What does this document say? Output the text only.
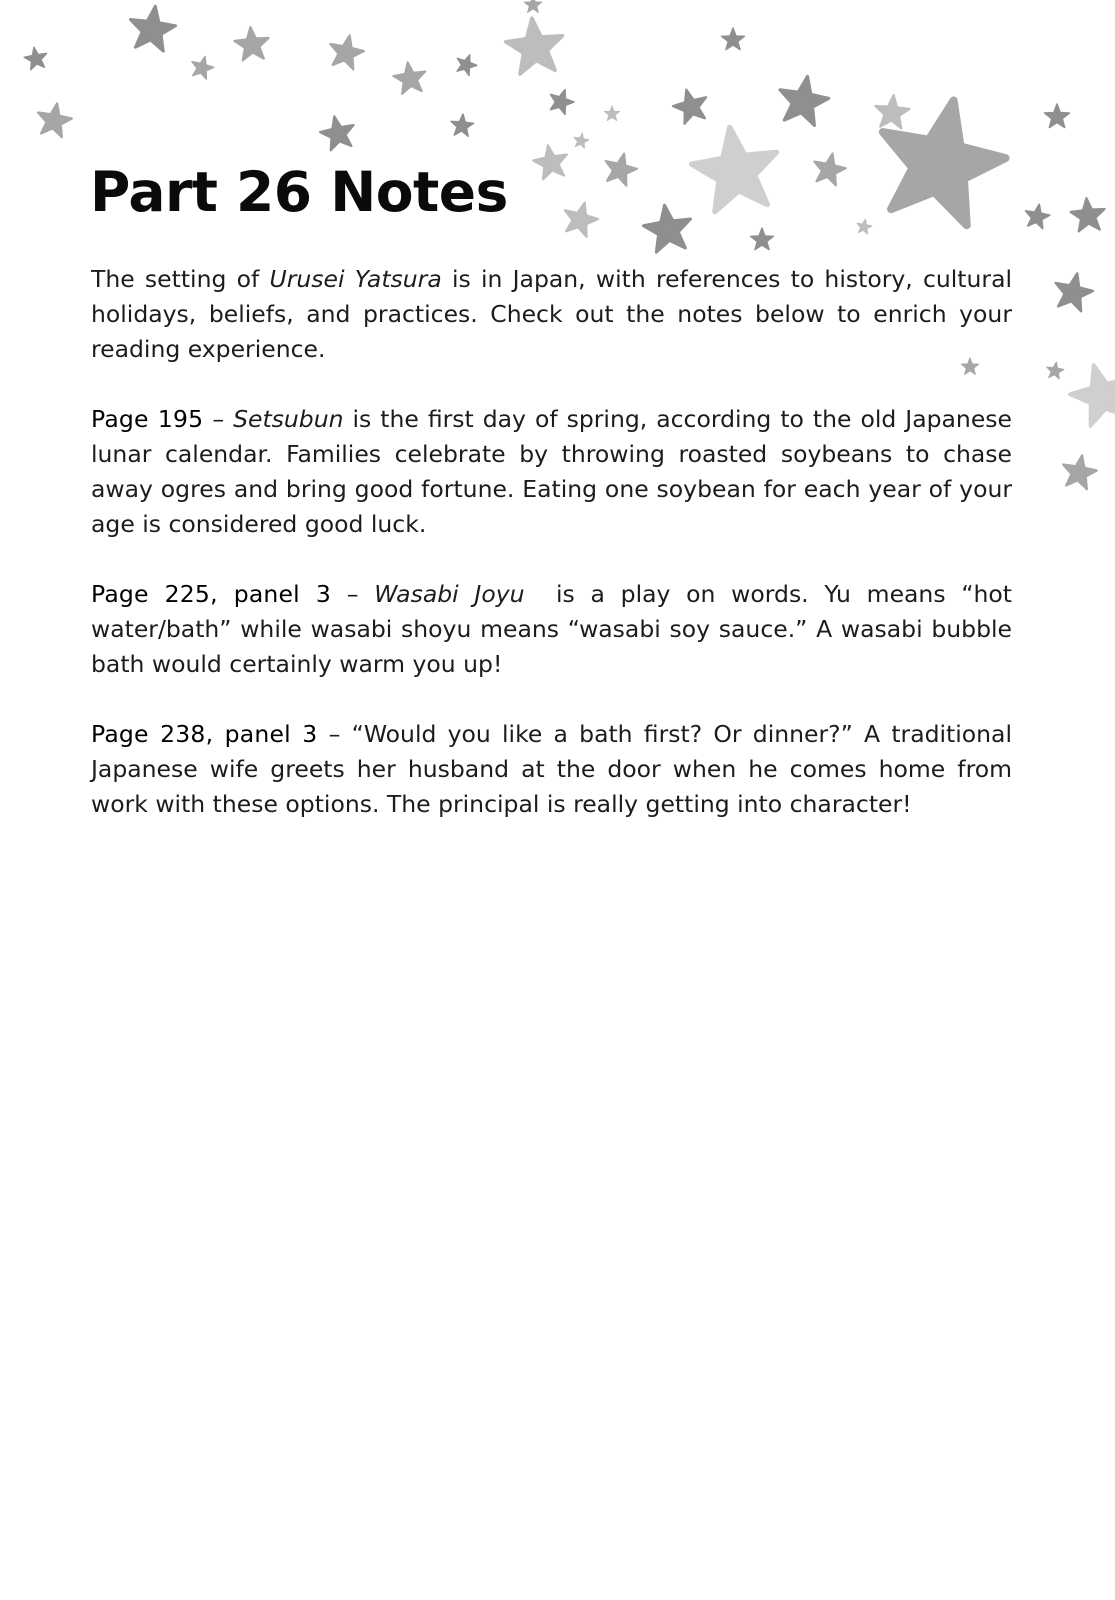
Part 26 Notes

The setting of Urusei Yatsura is in Japan, with references to history, cultural holidays, beliefs, and practices. Check out the notes below to enrich your reading experience.

Page 195 – Setsubun is the first day of spring, according to the old Japanese lunar calendar. Families celebrate by throwing roasted soybeans to chase away ogres and bring good fortune. Eating one soybean for each year of your age is considered good luck.

Page 225, panel 3 – Wasabi Joyu  is a play on words. Yu means “hot water/bath” while wasabi shoyu means “wasabi soy sauce.” A wasabi bubble bath would certainly warm you up!

Page 238, panel 3 – “Would you like a bath first? Or dinner?” A traditional Japanese wife greets her husband at the door when he comes home from work with these options. The principal is really getting into character!
